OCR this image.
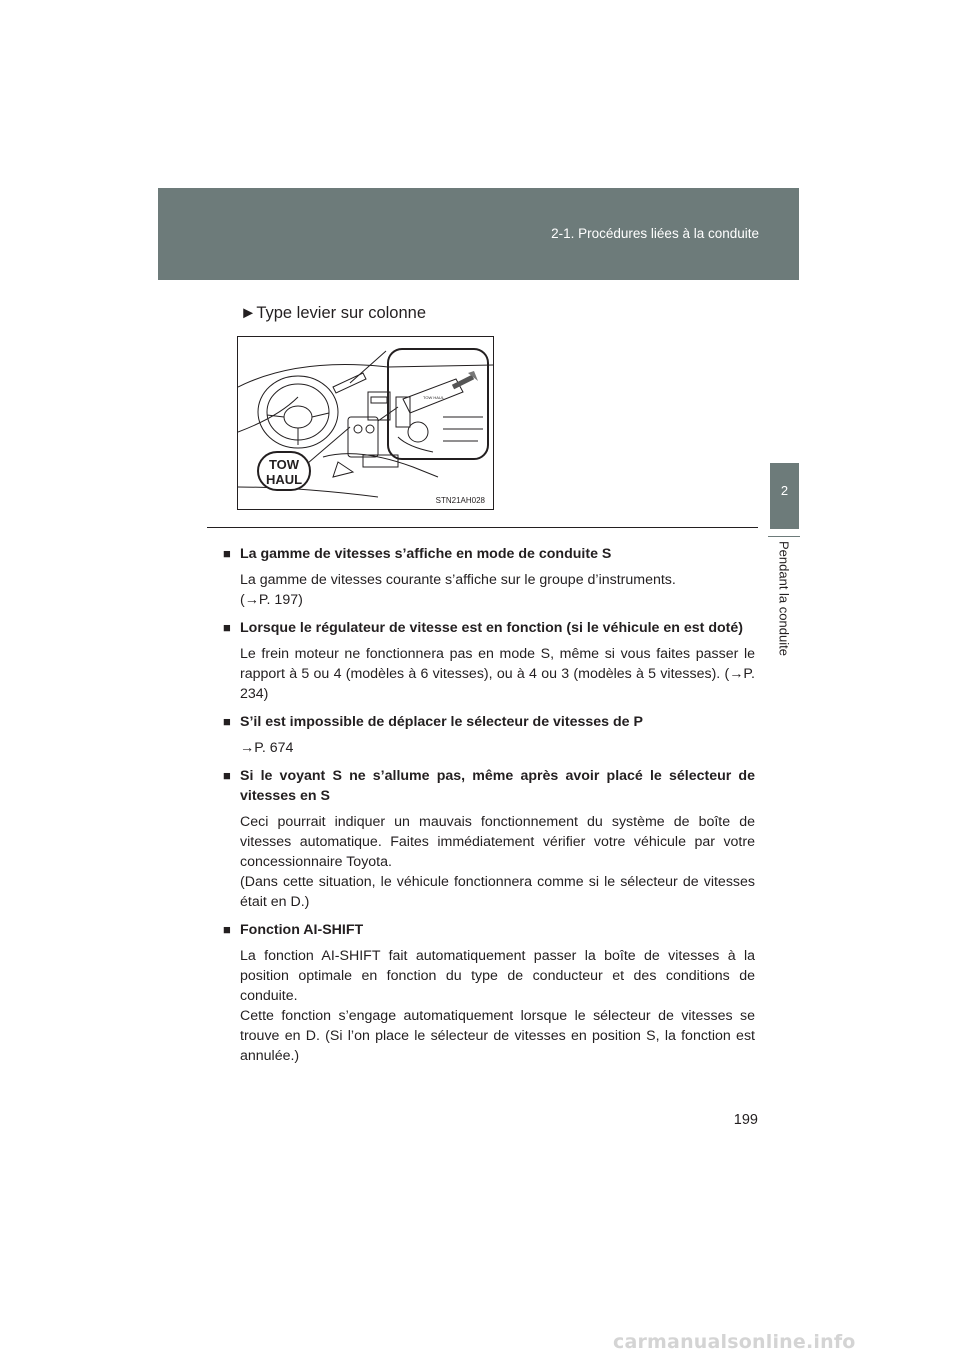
2-1. Procédures liées à la conduite
2
Pendant la conduite
►Type levier sur colonne
TOW HAUL
TOW
HAUL
STN21AH028
■ La gamme de vitesses s’affiche en mode de conduite S
La gamme de vitesses courante s’affiche sur le groupe d’instruments.
(→P. 197)
■ Lorsque le régulateur de vitesse est en fonction (si le véhicule en est doté)
Le frein moteur ne fonctionnera pas en mode S, même si vous faites passer le rapport à 5 ou 4 (modèles à 6 vitesses), ou à 4 ou 3 (modèles à 5 vitesses). (→P. 234)
■ S’il est impossible de déplacer le sélecteur de vitesses de P
→P. 674
■ Si le voyant S ne s’allume pas, même après avoir placé le sélecteur de vitesses en S
Ceci pourrait indiquer un mauvais fonctionnement du système de boîte de vitesses automatique. Faites immédiatement vérifier votre véhicule par votre concessionnaire Toyota.
(Dans cette situation, le véhicule fonctionnera comme si le sélecteur de vitesses était en D.)
■ Fonction AI-SHIFT
La fonction AI-SHIFT fait automatiquement passer la boîte de vitesses à la position optimale en fonction du type de conducteur et des conditions de conduite.
Cette fonction s’engage automatiquement lorsque le sélecteur de vitesses se trouve en D. (Si l’on place le sélecteur de vitesses en position S, la fonction est annulée.)
199
carmanualsonline.info
